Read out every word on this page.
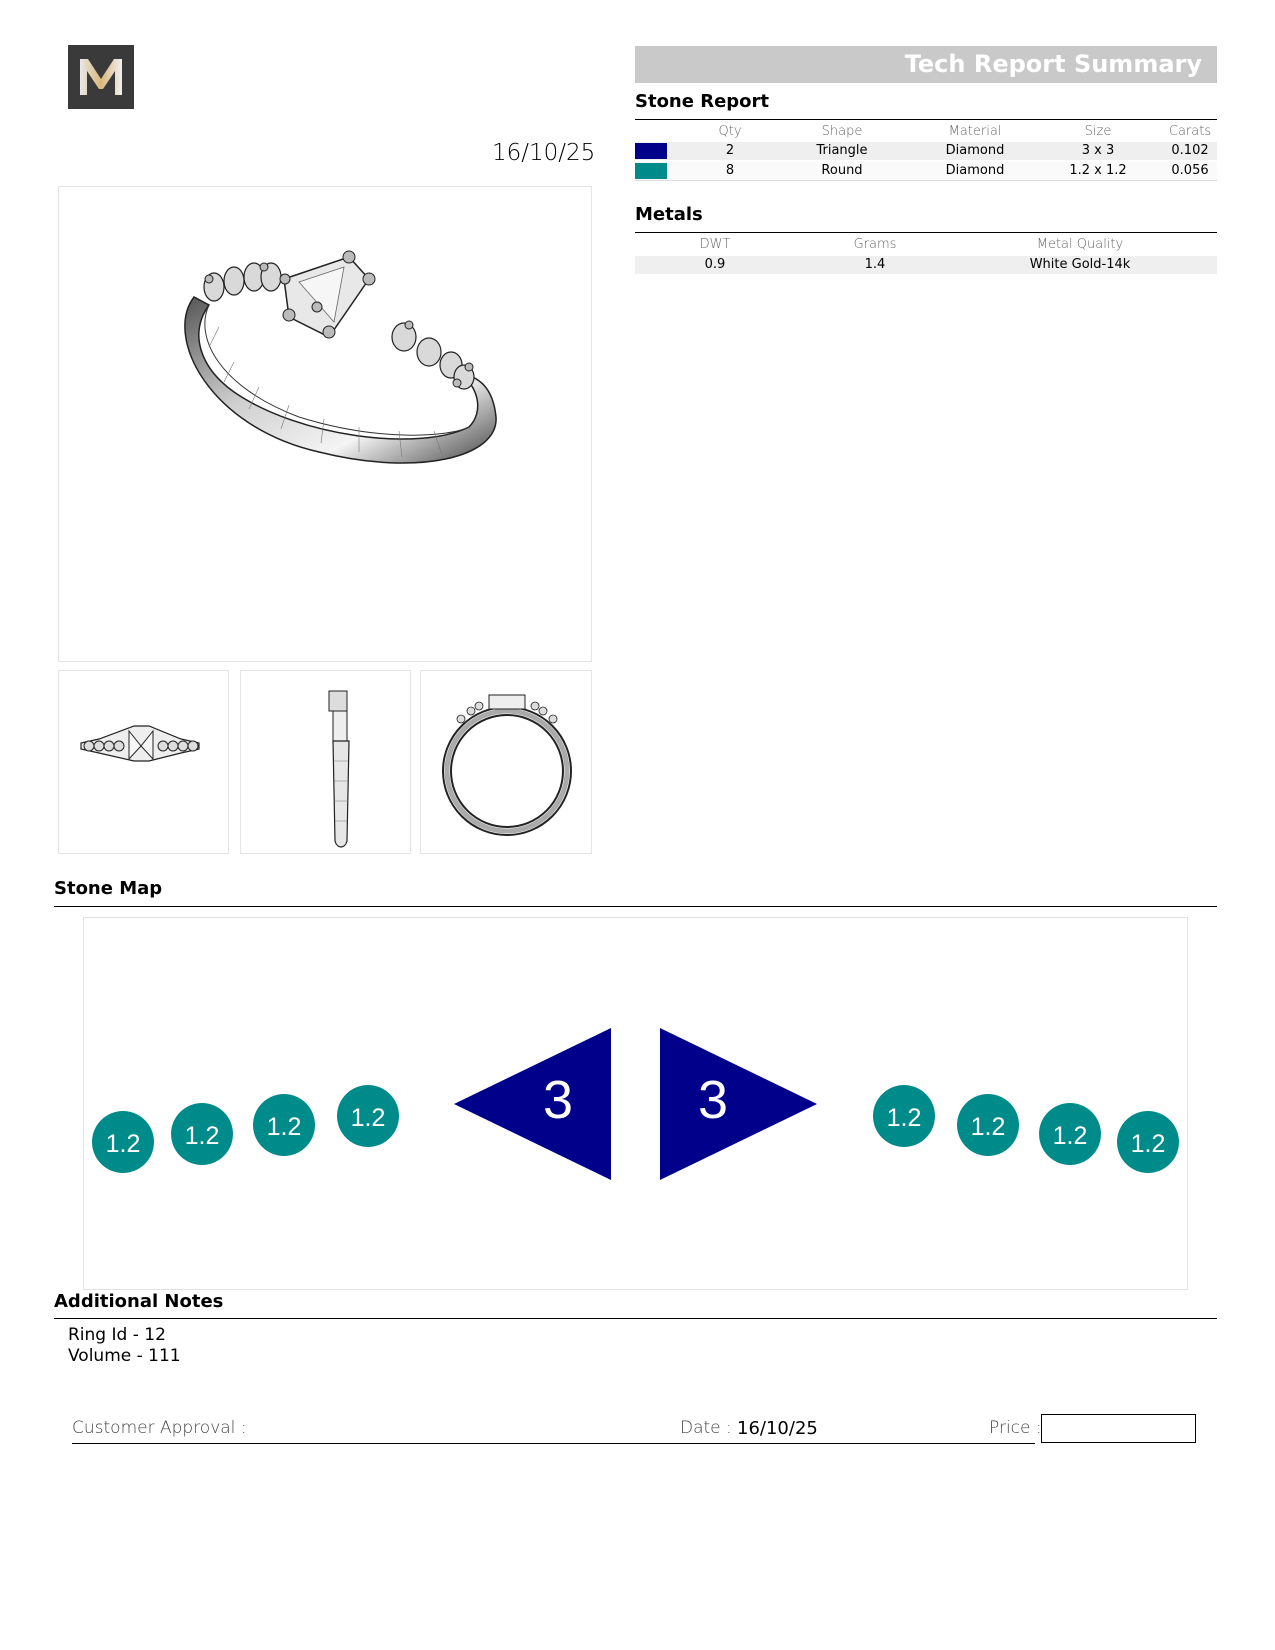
16/10/25
Tech Report Summary
Stone Report
Qty	Shape	Material	Size	Carats
2	Triangle	Diamond	3 x 3	0.102
8	Round	Diamond	1.2 x 1.2	0.056
Metals
DWT	Grams	Metal Quality
0.9	1.4	White Gold-14k
Stone Map
1.2 1.2 1.2 1.2	3 3	1.2 1.2 1.2 1.2
Additional Notes
Ring Id - 12
Volume - 111
Customer Approval :	Date : 16/10/25	Price :
